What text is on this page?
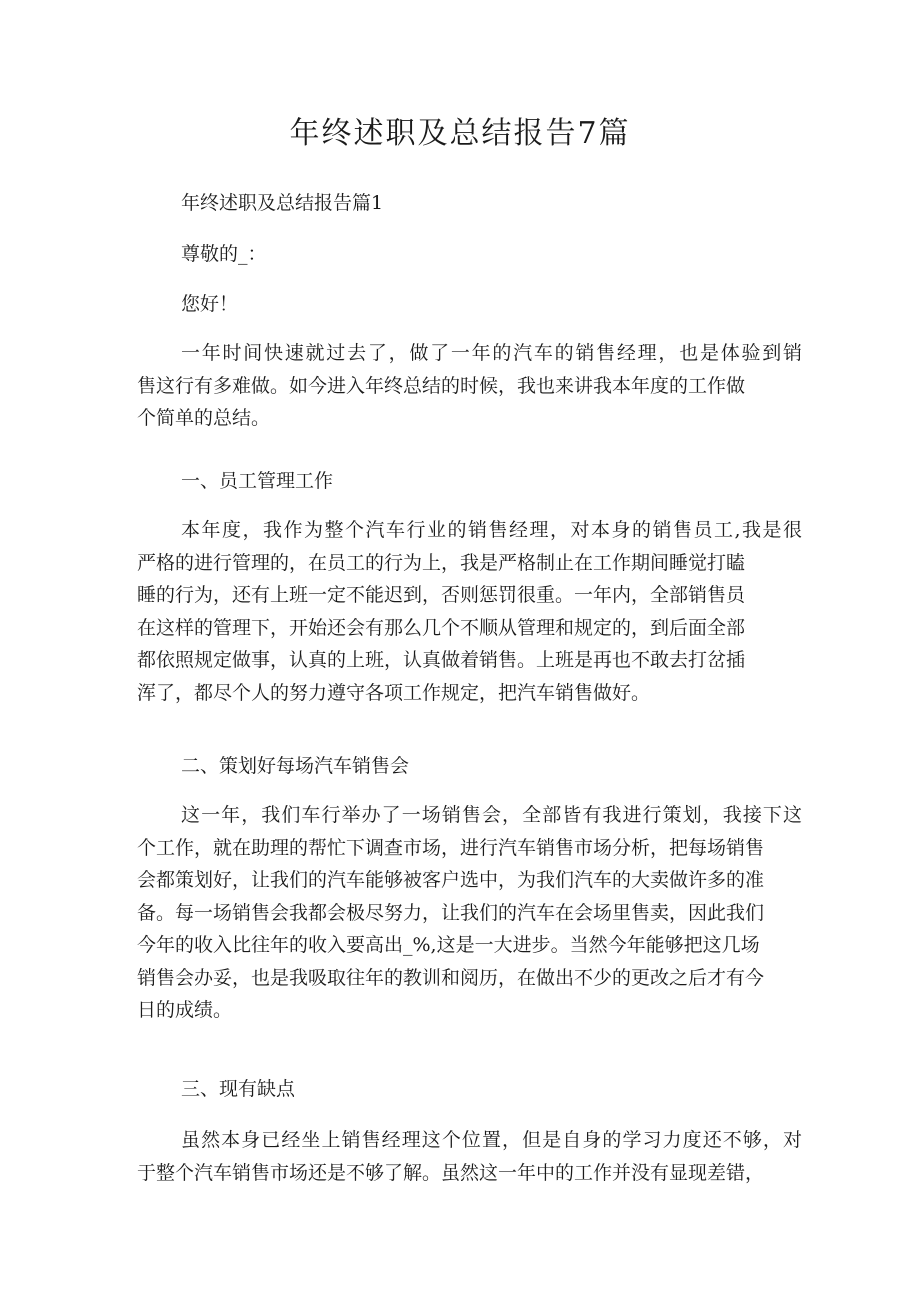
年终述职及总结报告7篇

年终述职及总结报告篇1

尊敬的_：

您好！

一年时间快速就过去了，做了一年的汽车的销售经理，也是体验到销
售这行有多难做。如今进入年终总结的时候，我也来讲我本年度的工作做
个简单的总结。

一、员工管理工作

本年度，我作为整个汽车行业的销售经理，对本身的销售员工,我是很
严格的进行管理的，在员工的行为上，我是严格制止在工作期间睡觉打瞌
睡的行为，还有上班一定不能迟到，否则惩罚很重。一年内，全部销售员
在这样的管理下，开始还会有那么几个不顺从管理和规定的，到后面全部
都依照规定做事，认真的上班，认真做着销售。上班是再也不敢去打岔插
浑了，都尽个人的努力遵守各项工作规定，把汽车销售做好。

二、策划好每场汽车销售会

这一年，我们车行举办了一场销售会，全部皆有我进行策划，我接下这
个工作，就在助理的帮忙下调查市场，进行汽车销售市场分析，把每场销售
会都策划好，让我们的汽车能够被客户选中，为我们汽车的大卖做许多的准
备。每一场销售会我都会极尽努力，让我们的汽车在会场里售卖，因此我们
今年的收入比往年的收入要高出_%,这是一大进步。当然今年能够把这几场
销售会办妥，也是我吸取往年的教训和阅历，在做出不少的更改之后才有今
日的成绩。

三、现有缺点

虽然本身已经坐上销售经理这个位置，但是自身的学习力度还不够，对
于整个汽车销售市场还是不够了解。虽然这一年中的工作并没有显现差错，
